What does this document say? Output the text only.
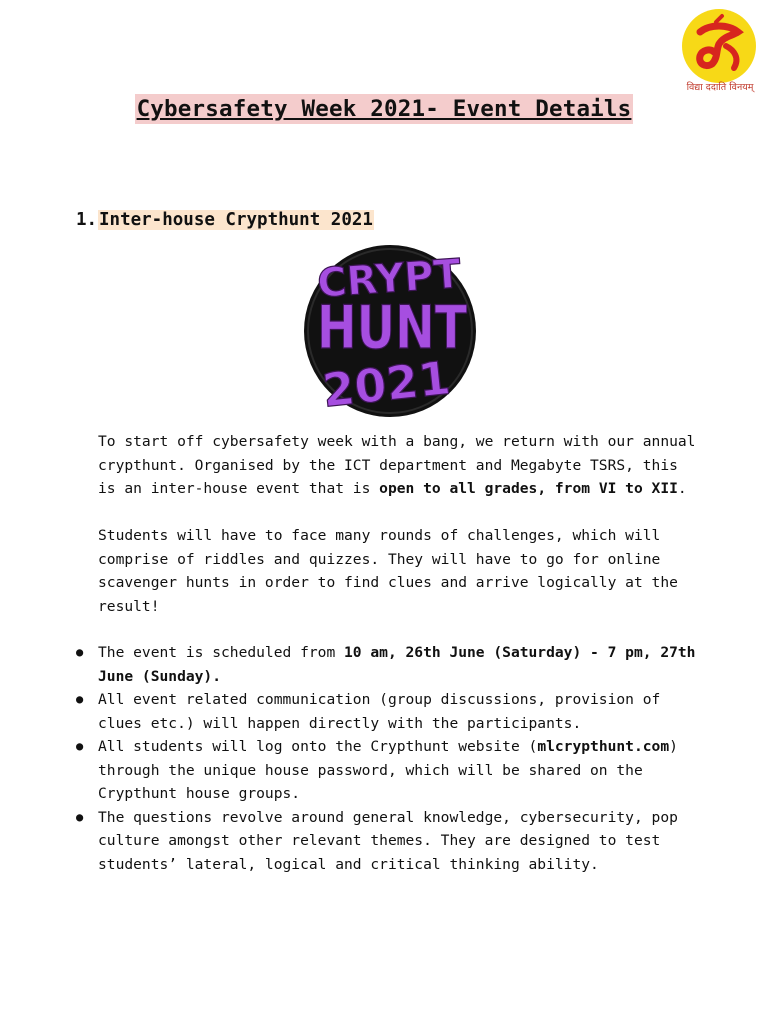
विद्या ददाति विनयम्
Cybersafety Week 2021- Event Details
1. Inter-house Crypthunt 2021
CRYPT
HUNT
2021

To start off cybersafety week with a bang, we return with our annual crypthunt. Organised by the ICT department and Megabyte TSRS, this is an inter-house event that is open to all grades, from VI to XII.

Students will have to face many rounds of challenges, which will comprise of riddles and quizzes. They will have to go for online scavenger hunts in order to find clues and arrive logically at the result!

● The event is scheduled from 10 am, 26th June (Saturday) - 7 pm, 27th June (Sunday).
● All event related communication (group discussions, provision of clues etc.) will happen directly with the participants.
● All students will log onto the Crypthunt website (mlcrypthunt.com) through the unique house password, which will be shared on the Crypthunt house groups.
● The questions revolve around general knowledge, cybersecurity, pop culture amongst other relevant themes. They are designed to test students’ lateral, logical and critical thinking ability.
